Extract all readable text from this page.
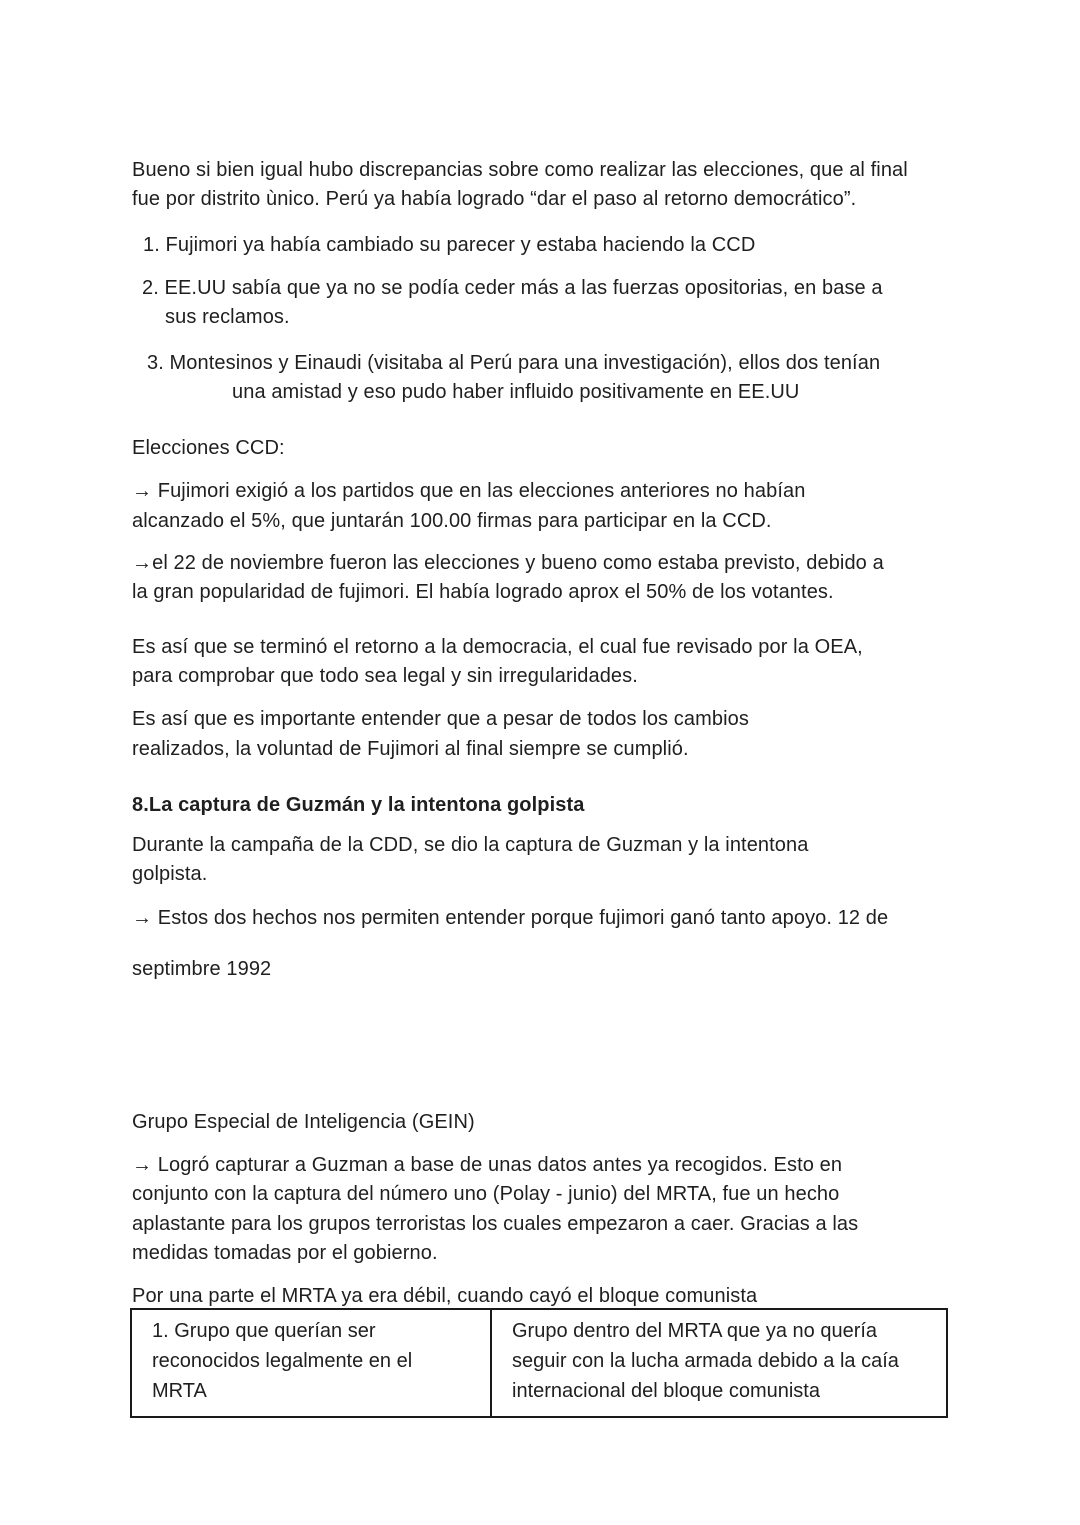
Bueno si bien igual hubo discrepancias sobre como realizar las elecciones, que al final

fue por distrito ùnico. Perú ya había logrado “dar el paso al retorno democrático”.

1. Fujimori ya había cambiado su parecer y estaba haciendo la CCD

2. EE.UU sabía que ya no se podía ceder más a las fuerzas opositorias, en base a

sus reclamos.

3. Montesinos y Einaudi (visitaba al Perú para una investigación), ellos dos tenían

una amistad y eso pudo haber influido positivamente en EE.UU

Elecciones CCD:

→ Fujimori exigió a los partidos que en las elecciones anteriores no habían

alcanzado el 5%, que juntarán 100.00 firmas para participar en la CCD.

→el 22 de noviembre fueron las elecciones y bueno como estaba previsto, debido a

la gran popularidad de fujimori. El había logrado aprox el 50% de los votantes.

Es así que se terminó el retorno a la democracia, el cual fue revisado por la OEA,

para comprobar que todo sea legal y sin irregularidades.

Es así que es importante entender que a pesar de todos los cambios

realizados, la voluntad de Fujimori al final siempre se cumplió.

8.La captura de Guzmán y la intentona golpista

Durante la campaña de la CDD, se dio la captura de Guzman y la intentona

golpista.

→ Estos dos hechos nos permiten entender porque fujimori ganó tanto apoyo. 12 de

septimbre 1992

Grupo Especial de Inteligencia (GEIN)

→ Logró capturar a Guzman a base de unas datos antes ya recogidos. Esto en

conjunto con la captura del número uno (Polay - junio) del MRTA, fue un hecho

aplastante para los grupos terroristas los cuales empezaron a caer. Gracias a las

medidas tomadas por el gobierno.

Por una parte el MRTA ya era débil, cuando cayó el bloque comunista

1. Grupo que querían ser
reconocidos legalmente en el
MRTA
Grupo dentro del MRTA que ya no quería
seguir con la lucha armada debido a la caía
internacional del bloque comunista
